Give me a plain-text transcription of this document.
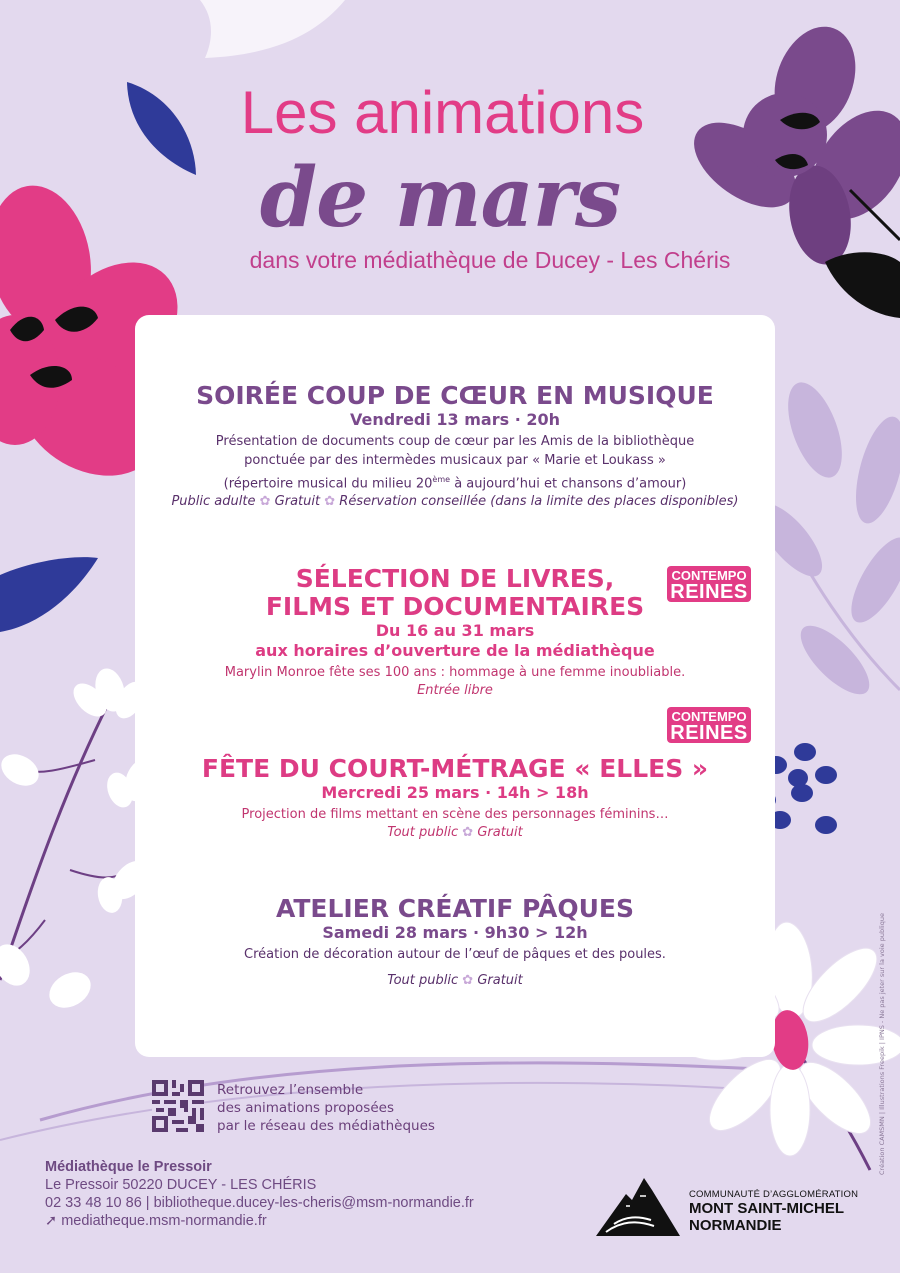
Les animations
de mars
dans votre médiathèque de Ducey - Les Chéris
SOIRÉE COUP DE CŒUR EN MUSIQUE
Vendredi 13 mars · 20h
Présentation de documents coup de cœur par les Amis de la bibliothèque
ponctuée par des intermèdes musicaux par « Marie et Loukass »
(répertoire musical du milieu 20ème à aujourd’hui et chansons d’amour)
Public adulte ✿ Gratuit ✿ Réservation conseillée (dans la limite des places disponibles)
SÉLECTION DE LIVRES,
FILMS ET DOCUMENTAIRES
Du 16 au 31 mars
aux horaires d’ouverture de la médiathèque
Marylin Monroe fête ses 100 ans : hommage à une femme inoubliable.
Entrée libre
CONTEMPO
REINES
FÊTE DU COURT-MÉTRAGE « ELLES »
Mercredi 25 mars · 14h > 18h
Projection de films mettant en scène des personnages féminins…
Tout public ✿ Gratuit
CONTEMPO
REINES
ATELIER CRÉATIF PÂQUES
Samedi 28 mars · 9h30 > 12h
Création de décoration autour de l’œuf de pâques et des poules.
Tout public ✿ Gratuit
Retrouvez l’ensemble
des animations proposées
par le réseau des médiathèques
Médiathèque le Pressoir
Le Pressoir 50220 DUCEY - LES CHÉRIS
02 33 48 10 86 | bibliotheque.ducey-les-cheris@msm-normandie.fr
➚ mediatheque.msm-normandie.fr
COMMUNAUTÉ D’AGGLOMÉRATION
MONT SAINT-MICHEL
NORMANDIE
Création CAMSMN | Illustrations Freepik | IPNS - Ne pas jeter sur la voie publique
